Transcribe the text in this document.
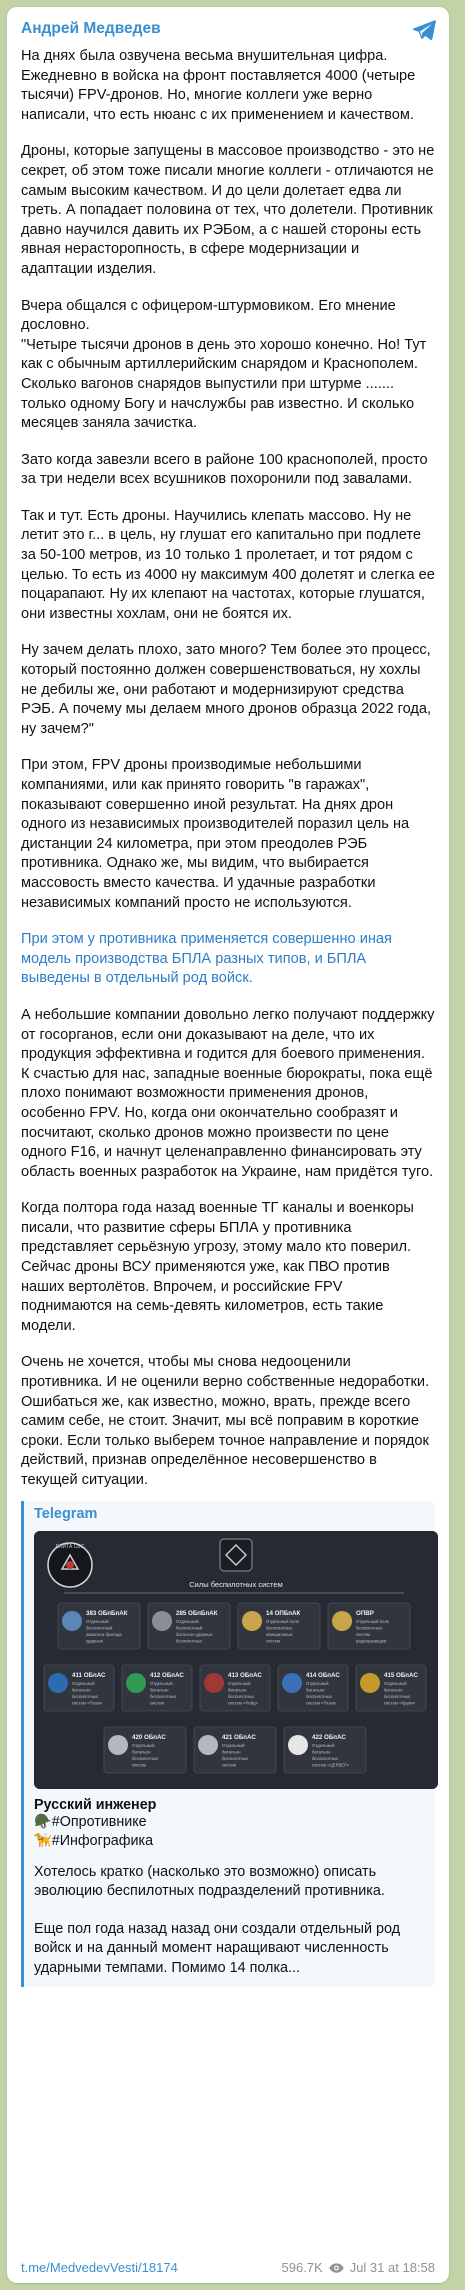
Андрей Медведев
На днях была озвучена весьма внушительная цифра. Ежедневно в войска на фронт поставляется 4000 (четыре тысячи) FPV-дронов. Но, многие коллеги уже верно написали, что есть нюанс с их применением и качеством.
Дроны, которые запущены в массовое производство - это не секрет, об этом тоже писали многие коллеги - отличаются не самым высоким качеством. И до цели долетает едва ли треть. А попадает половина от тех, что долетели. Противник давно научился давить их РЭБом, а с нашей стороны есть явная нерасторопность, в сфере модернизации и адаптации изделия.
Вчера общался с офицером-штурмовиком. Его мнение дословно.
"Четыре тысячи дронов в день это хорошо конечно. Но! Тут как с обычным артиллерийским снарядом и Краснополем. Сколько вагонов снарядов выпустили при штурме ....... только одному Богу и начслужбы рав известно. И сколько месяцев заняла зачистка.
Зато когда завезли всего в районе 100 краснополей, просто за три недели всех всушников похоронили под завалами.
Так и тут. Есть дроны. Научились клепать массово. Ну не летит это г... в цель, ну глушат его капитально при подлете за 50-100 метров, из 10 только 1 пролетает, и тот рядом с целью. То есть из 4000 ну максимум 400 долетят и слегка ее поцарапают. Ну их клепают на частотах, которые глушатся, они известны хохлам, они не боятся их.
Ну зачем делать плохо, зато много? Тем более это процесс, который постоянно должен совершенствоваться, ну хохлы не дебилы же, они работают и модернизируют средства РЭБ. А почему мы делаем много дронов образца 2022 года, ну зачем?"
При этом, FPV дроны производимые небольшими компаниями, или как принято говорить "в гаражах", показывают совершенно иной результат. На днях дрон одного из независимых производителей поразил цель на дистанции 24 километра, при этом преодолев РЭБ противника. Однако же, мы видим, что выбирается массовость вместо качества. И удачные разработки независимых компаний просто не используются.
При этом у противника применяется совершенно иная модель производства БПЛА разных типов, и БПЛА выведены в отдельный род войск.
А небольшие компании довольно легко получают поддержку от госорганов, если они доказывают на деле, что их продукция эффективна и годится для боевого применения.
К счастью для нас, западные военные бюрократы, пока ещё плохо понимают возможности применения дронов, особенно FPV. Но, когда они окончательно сообразят и посчитают, сколько дронов можно произвести по цене одного F16, и начнут целенаправленно финансировать эту область военных разработок на Украине, нам придётся туго.
Когда полтора года назад военные ТГ каналы и военкоры писали, что развитие сферы БПЛА у противника представляет серьёзную угрозу, этому мало кто поверил.
Сейчас дроны ВСУ применяются уже, как ПВО против наших вертолётов. Впрочем, и российские FPV поднимаются на семь-девять километров, есть такие модели.
Очень не хочется, чтобы мы снова недооценили противника. И не оценили верно собственные недоработки.
Ошибаться же, как известно, можно, врать, прежде всего самим себе, не стоит. Значит, мы всё поправим в короткие сроки. Если только выберем точное направление и порядок действий, признав определённое несовершенство в текущей ситуации.
Telegram
ЕЛИТА СБС
Силы беспилотных систем
383 ОБпБпАК
Отдельный
беспилотный
авиаполк бригада
ударных
285 ОБпБпАК
Отдельный
беспилотный
батальон ударных
беспилотных
14 ОПБпАК
Отдельный полк
беспилотных
авиационных
систем
ОПВР
Отдельный полк
беспилотных
систем
радиоразведки
411 ОБпАС
Отдельный
батальон
беспилотных
систем «Птахи
412 ОБпАС
Отдельный
батальон
беспилотных
систем
413 ОБпАС
Отдельный
батальон
беспилотных
систем «Рейд»
414 ОБпАС
Отдельный
батальон
беспилотных
систем «Птахи
415 ОБпАС
Отдельный
батальон
беспилотных
систем «Круки»
420 ОБпАС
Отдельный
батальон
беспилотных
систем
421 ОБпАС
Отдельный
батальон
беспилотных
систем
422 ОБпАС
Отдельный
батальон
беспилотных
систем «ЦЕРБЕР»
Русский инженер
🪖#Опротивнике
🦮#Инфографика
Хотелось кратко (насколько это возможно) описать эволюцию беспилотных подразделений противника.
Еще пол года назад назад они создали отдельный род войск и на данный момент наращивают численность ударными темпами. Помимо 14 полка...
t.me/MedvedevVesti/18174	596.7K Jul 31 at 18:58
